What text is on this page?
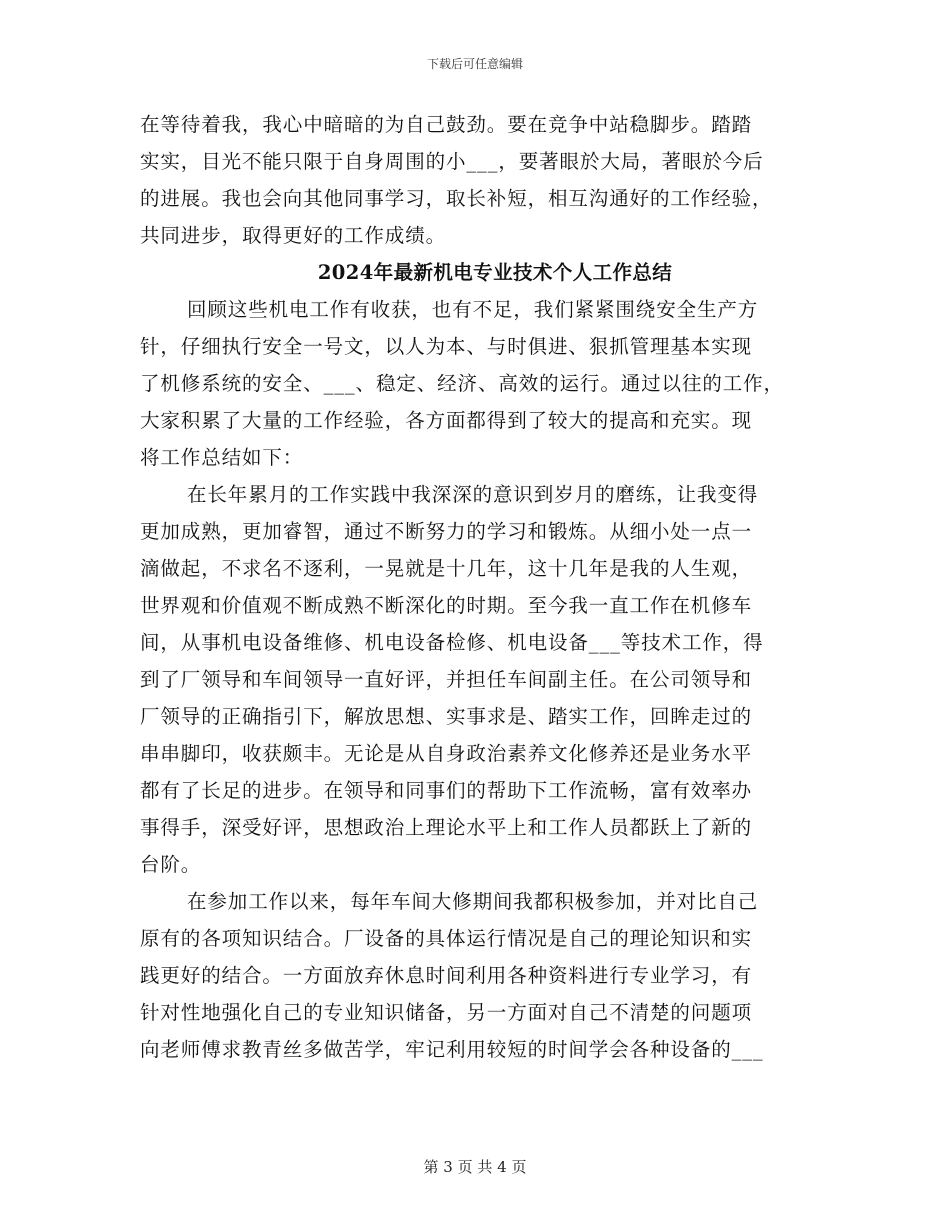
下载后可任意编辑
在等待着我，我心中暗暗的为自己鼓劲。要在竞争中站稳脚步。踏踏
实实，目光不能只限于自身周围的小___，要著眼於大局，著眼於今后
的进展。我也会向其他同事学习，取长补短，相互沟通好的工作经验，
共同进步，取得更好的工作成绩。
2024年最新机电专业技术个人工作总结
回顾这些机电工作有收获，也有不足，我们紧紧围绕安全生产方
针，仔细执行安全一号文，以人为本、与时俱进、狠抓管理基本实现
了机修系统的安全、___、稳定、经济、高效的运行。通过以往的工作，
大家积累了大量的工作经验，各方面都得到了较大的提高和充实。现
将工作总结如下：
在长年累月的工作实践中我深深的意识到岁月的磨练，让我变得
更加成熟，更加睿智，通过不断努力的学习和锻炼。从细小处一点一
滴做起，不求名不逐利，一晃就是十几年，这十几年是我的人生观，
世界观和价值观不断成熟不断深化的时期。至今我一直工作在机修车
间，从事机电设备维修、机电设备检修、机电设备___等技术工作，得
到了厂领导和车间领导一直好评，并担任车间副主任。在公司领导和
厂领导的正确指引下，解放思想、实事求是、踏实工作，回眸走过的
串串脚印，收获颇丰。无论是从自身政治素养文化修养还是业务水平
都有了长足的进步。在领导和同事们的帮助下工作流畅，富有效率办
事得手，深受好评，思想政治上理论水平上和工作人员都跃上了新的
台阶。
在参加工作以来，每年车间大修期间我都积极参加，并对比自己
原有的各项知识结合。厂设备的具体运行情况是自己的理论知识和实
践更好的结合。一方面放弃休息时间利用各种资料进行专业学习，有
针对性地强化自己的专业知识储备，另一方面对自己不清楚的问题项
向老师傅求教青丝多做苦学，牢记利用较短的时间学会各种设备的___
第 3 页 共 4 页
